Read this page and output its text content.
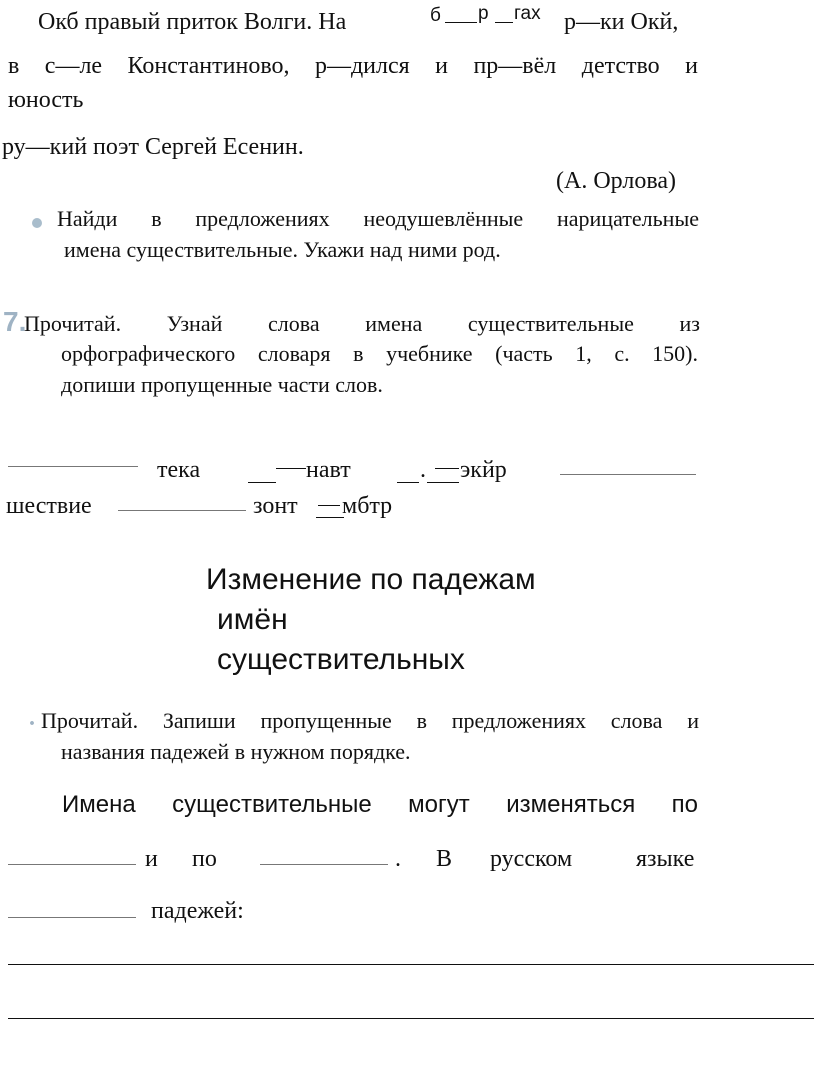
Окб правый приток Волги. На	б р гах р—ки Окй,
в с—ле Константиново, р—дился и пр—вёл детство и
юность
ру—кий поэт Сергей Есенин.
(А. Орлова)
Найди в предложениях неодушевлённые нарицательные
имена существительные. Укажи над ними род.
7.
Прочитай. Узнай слова имена существительные из
орфографического словаря в учебнике (часть 1, с. 150).
допиши пропущенные части слов.
тека	навт	. экйр
шествие	зонт мбтр
Изменение по падежам
имён
существительных
. Прочитай. Запиши пропущенные в предложениях слова и
названия падежей в нужном порядке.
Имена существительные могут изменяться по
и по	. В русском	языке
падежей:
